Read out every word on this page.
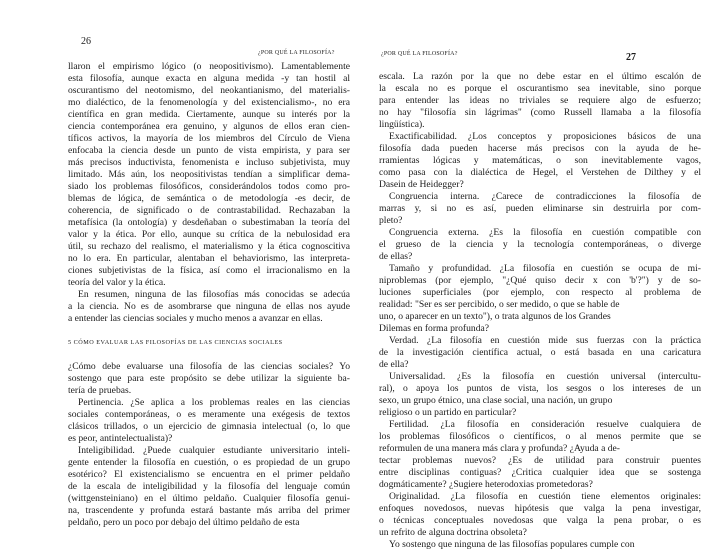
26
¿POR QUÉ LA FILOSOFÍA?
llaron el empirismo lógico (o neopositivismo). Lamentablemente
esta filosofía, aunque exacta en alguna medida -y tan hostil al
oscurantismo del neotomismo, del neokantianismo, del materialis-
mo dialéctico, de la fenomenología y del existencialismo-, no era
científica en gran medida. Ciertamente, aunque su interés por la
ciencia contemporánea era genuino, y algunos de ellos eran cien-
tíficos activos, la mayoría de los miembros del Círculo de Viena
enfocaba la ciencia desde un punto de vista empirista, y para ser
más precisos inductivista, fenomenista e incluso subjetivista, muy
limitado. Más aún, los neopositivistas tendían a simplificar dema-
siado los problemas filosóficos, considerándolos todos como pro-
blemas de lógica, de semántica o de metodología -es decir, de
coherencia, de significado o de contrastabilidad. Rechazaban la
metafísica (la ontología) y desdeñaban o subestimaban la teoría del
valor y la ética. Por ello, aunque su crítica de la nebulosidad era
útil, su rechazo del realismo, el materialismo y la ética cognoscitiva
no lo era. En particular, alentaban el behaviorismo, las interpreta-
ciones subjetivistas de la física, así como el irracionalismo en la
teoría del valor y la ética.
En resumen, ninguna de las filosofías más conocidas se adecúa
a la ciencia. No es de asombrarse que ninguna de ellas nos ayude
a entender las ciencias sociales y mucho menos a avanzar en ellas.
5 CÓMO EVALUAR LAS FILOSOFÍAS DE LAS CIENCIAS SOCIALES
¿Cómo debe evaluarse una filosofía de las ciencias sociales? Yo
sostengo que para este propósito se debe utilizar la siguiente ba-
tería de pruebas.
Pertinencia. ¿Se aplica a los problemas reales en las ciencias
sociales contemporáneas, o es meramente una exégesis de textos
clásicos trillados, o un ejercicio de gimnasia intelectual (o, lo que
es peor, antintelectualista)?
Inteligibilidad. ¿Puede cualquier estudiante universitario inteli-
gente entender la filosofía en cuestión, o es propiedad de un grupo
esotérico? El existencialismo se encuentra en el primer peldaño
de la escala de inteligibilidad y la filosofía del lenguaje común
(wittgensteiniano) en el último peldaño. Cualquier filosofía genui-
na, trascendente y profunda estará bastante más arriba del primer
peldaño, pero un poco por debajo del último peldaño de esta
¿POR QUÉ LA FILOSOFÍA?	27
escala. La razón por la que no debe estar en el último escalón de
la escala no es porque el oscurantismo sea inevitable, sino porque
para entender las ideas no triviales se requiere algo de esfuerzo;
no hay "filosofía sin lágrimas" (como Russell llamaba a la filosofía
lingüística).
Exactificabilidad. ¿Los conceptos y proposiciones básicos de una
filosofía dada pueden hacerse más precisos con la ayuda de he-
rramientas lógicas y matemáticas, o son inevitablemente vagos,
como pasa con la dialéctica de Hegel, el Verstehen de Dilthey y el
Dasein de Heidegger?
Congruencia interna. ¿Carece de contradicciones la filosofía de
marras y, si no es así, pueden eliminarse sin destruirla por com-
pleto?
Congruencia externa. ¿Es la filosofía en cuestión compatible con
el grueso de la ciencia y la tecnología contemporáneas, o diverge
de ellas?
Tamaño y profundidad. ¿La filosofía en cuestión se ocupa de mi-
niproblemas (por ejemplo, "¿Qué quiso decir x con 'b'?") y de so-
luciones superficiales (por ejemplo, con respecto al problema de
realidad: "Ser es ser percibido, o ser medido, o que se hable de
uno, o aparecer en un texto"), o trata algunos de los Grandes
Dilemas en forma profunda?
Verdad. ¿La filosofía en cuestión mide sus fuerzas con la práctica
de la investigación científica actual, o está basada en una caricatura
de ella?
Universalidad. ¿Es la filosofía en cuestión universal (intercultu-
ral), o apoya los puntos de vista, los sesgos o los intereses de un
sexo, un grupo étnico, una clase social, una nación, un grupo
religioso o un partido en particular?
Fertilidad. ¿La filosofía en consideración resuelve cualquiera de
los problemas filosóficos o científicos, o al menos permite que se
reformulen de una manera más clara y profunda? ¿Ayuda a de-
tectar problemas nuevos? ¿Es de utilidad para construir puentes
entre disciplinas contiguas? ¿Critica cualquier idea que se sostenga
dogmáticamente? ¿Sugiere heterodoxias prometedoras?
Originalidad. ¿La filosofía en cuestión tiene elementos originales:
enfoques novedosos, nuevas hipótesis que valga la pena investigar,
o técnicas conceptuales novedosas que valga la pena probar, o es
un refrito de alguna doctrina obsoleta?
Yo sostengo que ninguna de las filosofías populares cumple con
